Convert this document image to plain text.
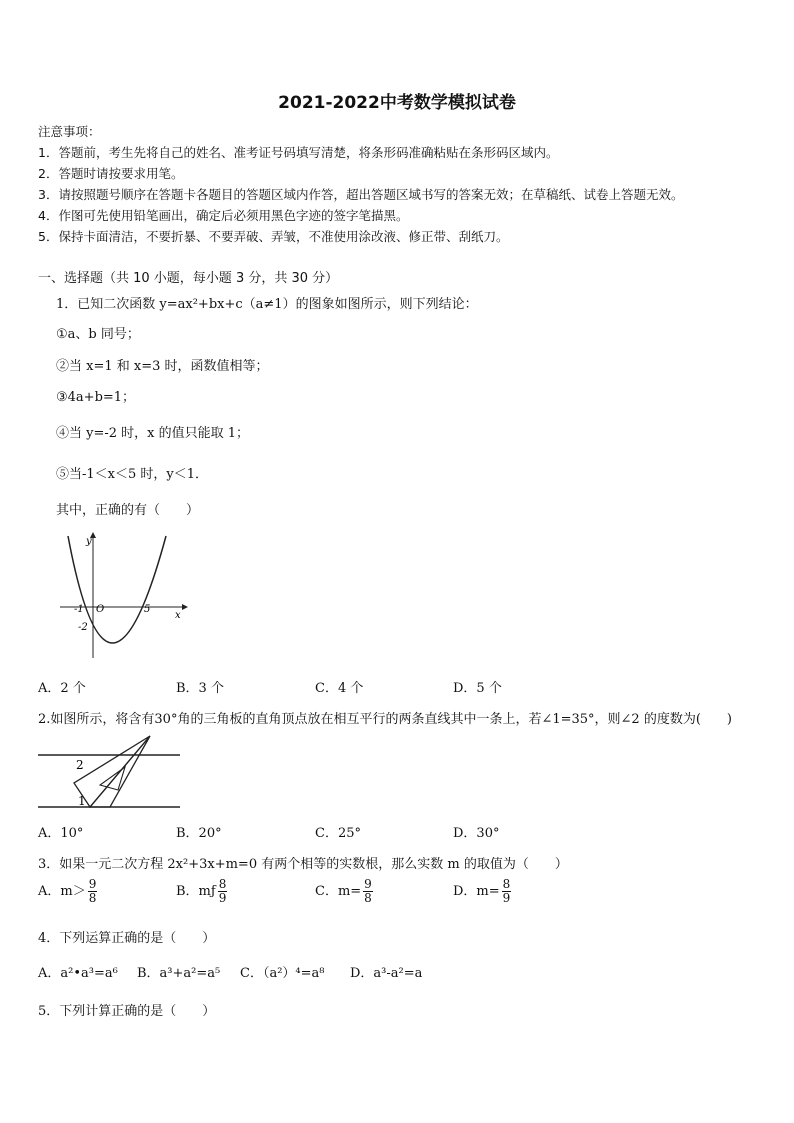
2021-2022中考数学模拟试卷
注意事项：
1．答题前，考生先将自己的姓名、准考证号码填写清楚，将条形码准确粘贴在条形码区域内。
2．答题时请按要求用笔。
3．请按照题号顺序在答题卡各题目的答题区域内作答，超出答题区域书写的答案无效；在草稿纸、试卷上答题无效。
4．作图可先使用铅笔画出，确定后必须用黑色字迹的签字笔描黑。
5．保持卡面清洁，不要折暴、不要弄破、弄皱，不准使用涂改液、修正带、刮纸刀。
一、选择题（共 10 小题，每小题 3 分，共 30 分）
1．已知二次函数 y=ax²+bx+c（a≠1）的图象如图所示，则下列结论：
①a、b 同号；
②当 x=1 和 x=3 时，函数值相等；
③4a+b=1；
④当 y=-2 时，x 的值只能取 1；
⑤当-1＜x＜5 时，y＜1．
其中，正确的有（　　）
y
x
-1 O	5
-2
A．2 个	B．3 个	C．4 个	D．5 个
2.如图所示，将含有30°角的三角板的直角顶点放在相互平行的两条直线其中一条上，若∠1=35°，则∠2 的度数为(　　)
2
1
A．10°	B．20°	C．25°	D．30°
3．如果一元二次方程 2x²+3x+m=0 有两个相等的实数根，那么实数 m 的取值为（　　）
A．$m> \frac{9}{8}$	B．mƒ $\frac{8}{9}$	C．$m= \frac{9}{8}$	D．$m= \frac{8}{9}$
4．下列运算正确的是（　　）
A．a²•a³=a⁶ B．a³+a²=a⁵ C．（a²）⁴=a⁸ D．a³-a²=a
5．下列计算正确的是（　　）
